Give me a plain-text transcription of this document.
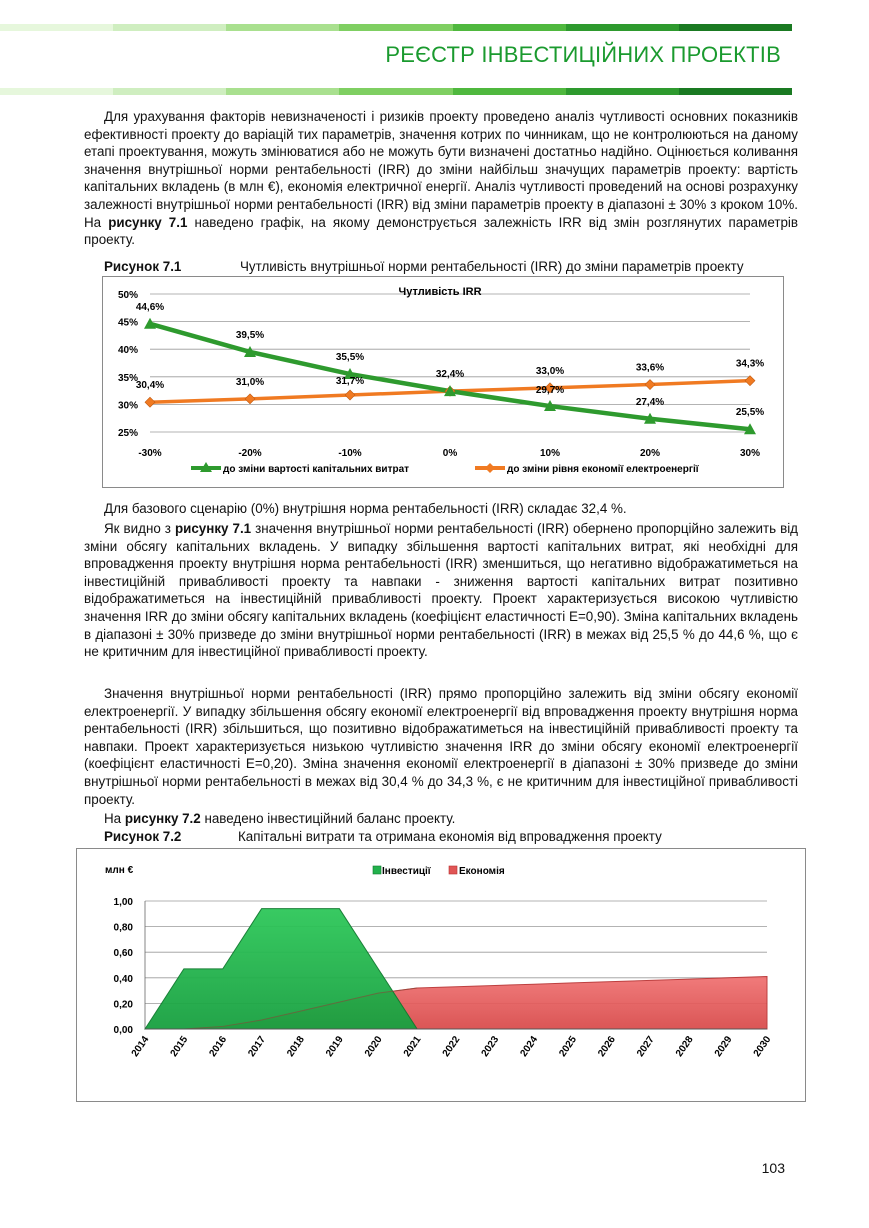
РЕЄСТР ІНВЕСТИЦІЙНИХ ПРОЕКТІВ

Для урахування факторів невизначеності і ризиків проекту проведено аналіз чутливості основних показників ефективності проекту до варіацій тих параметрів, значення котрих по чинникам, що не контролюються на даному етапі проектування, можуть змінюватися або не можуть бути визначені достатньо надійно. Оцінюється коливання значення внутрішньої норми рентабельності (IRR) до зміни найбільш значущих параметрів проекту: вартість капітальних вкладень (в млн €), економія електричної енергії. Аналіз чутливості проведений на основі розрахунку залежності внутрішньої норми рентабельності (IRR) від зміни параметрів проекту в діапазоні ± 30% з кроком 10%. На рисунку 7.1 наведено графік, на якому демонструється залежність IRR від змін розглянутих параметрів проекту.

Рисунок 7.1	Чутливість внутрішньої норми рентабельності (IRR) до зміни параметрів проекту
25%
30%
35%
40%
45%
50%
-30%	-20%	-10%	0%	10%	20%	30%
Чутливість IRR
44,6%
39,5%
35,5%
32,4%
29,7%
27,4%
25,5%
30,4%	31,0%	31,7%
33,0%	33,6%	34,3%
до зміни вартості капітальних витрат	до зміни рівня економії електроенергії

Для базового сценарію (0%) внутрішня норма рентабельності (IRR) складає 32,4 %.

Як видно з рисунку 7.1 значення внутрішньої норми рентабельності (IRR) обернено пропорційно залежить від зміни обсягу капітальних вкладень. У випадку збільшення вартості капітальних витрат, які необхідні для впровадження проекту внутрішня норма рентабельності (IRR) зменшиться, що негативно відображатиметься на інвестиційній привабливості проекту та навпаки - зниження вартості капітальних витрат позитивно відображатиметься на інвестиційній привабливості проекту. Проект характеризується високою чутливістю значення IRR до зміни обсягу капітальних вкладень (коефіцієнт еластичності Е=0,90). Зміна капітальних вкладень в діапазоні ± 30% призведе до зміни внутрішньої норми рентабельності (IRR) в межах від 25,5 % до 44,6 %, що є не критичним для інвестиційної привабливості проекту.

Значення внутрішньої норми рентабельності (IRR) прямо пропорційно залежить від зміни обсягу економії електроенергії. У випадку збільшення обсягу економії електроенергії від впровадження проекту внутрішня норма рентабельності (IRR) збільшиться, що позитивно відображатиметься на інвестиційній привабливості проекту та навпаки. Проект характеризується низькою чутливістю значення IRR до зміни обсягу економії електроенергії (коефіцієнт еластичності Е=0,20). Зміна значення економії електроенергії в діапазоні ± 30% призведе до зміни внутрішньої норми рентабельності в межах від 30,4 % до 34,3 %, є не критичним для інвестиційної привабливості проекту.

На рисунку 7.2 наведено інвестиційний баланс проекту.

Рисунок 7.2	Капітальні витрати та отримана економія від впровадження проекту
0,00
0,20
0,40
0,60
0,80
1,00
2014 2015 2016 2017 2018 2019 2020 2021 2022 2023 2024 2025 2026 2027 2028 2029 2030
млн €	Інвестиції	Економія
103
